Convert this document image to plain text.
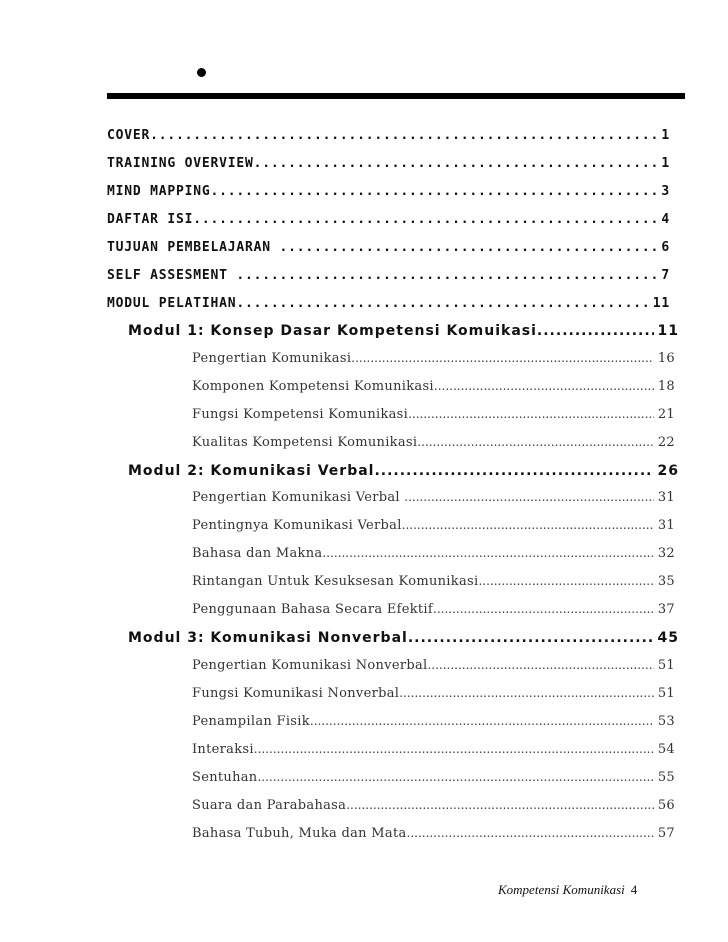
COVER .....	1
TRAINING OVERVIEW .....	1
MIND MAPPING .....	3
DAFTAR ISI .....	4
TUJUAN PEMBELAJARAN .....	6
SELF ASSESMENT .....	7
MODUL PELATIHAN .....	11
Modul 1: Konsep Dasar Kompetensi Komuikasi .....	11
Pengertian Komunikasi .....	16
Komponen Kompetensi Komunikasi .....	18
Fungsi Kompetensi Komunikasi .....	21
Kualitas Kompetensi Komunikasi .....	22
Modul 2: Komunikasi Verbal .....	26
Pengertian Komunikasi Verbal .....	31
Pentingnya Komunikasi Verbal .....	31
Bahasa dan Makna .....	32
Rintangan Untuk Kesuksesan Komunikasi .....	35
Penggunaan Bahasa Secara Efektif .....	37
Modul 3: Komunikasi Nonverbal .....	45
Pengertian Komunikasi Nonverbal .....	51
Fungsi Komunikasi Nonverbal .....	51
Penampilan Fisik .....	53
Interaksi .....	54
Sentuhan .....	55
Suara dan Parabahasa .....	56
Bahasa Tubuh, Muka dan Mata .....	57
Kompetensi Komunikasi 4
